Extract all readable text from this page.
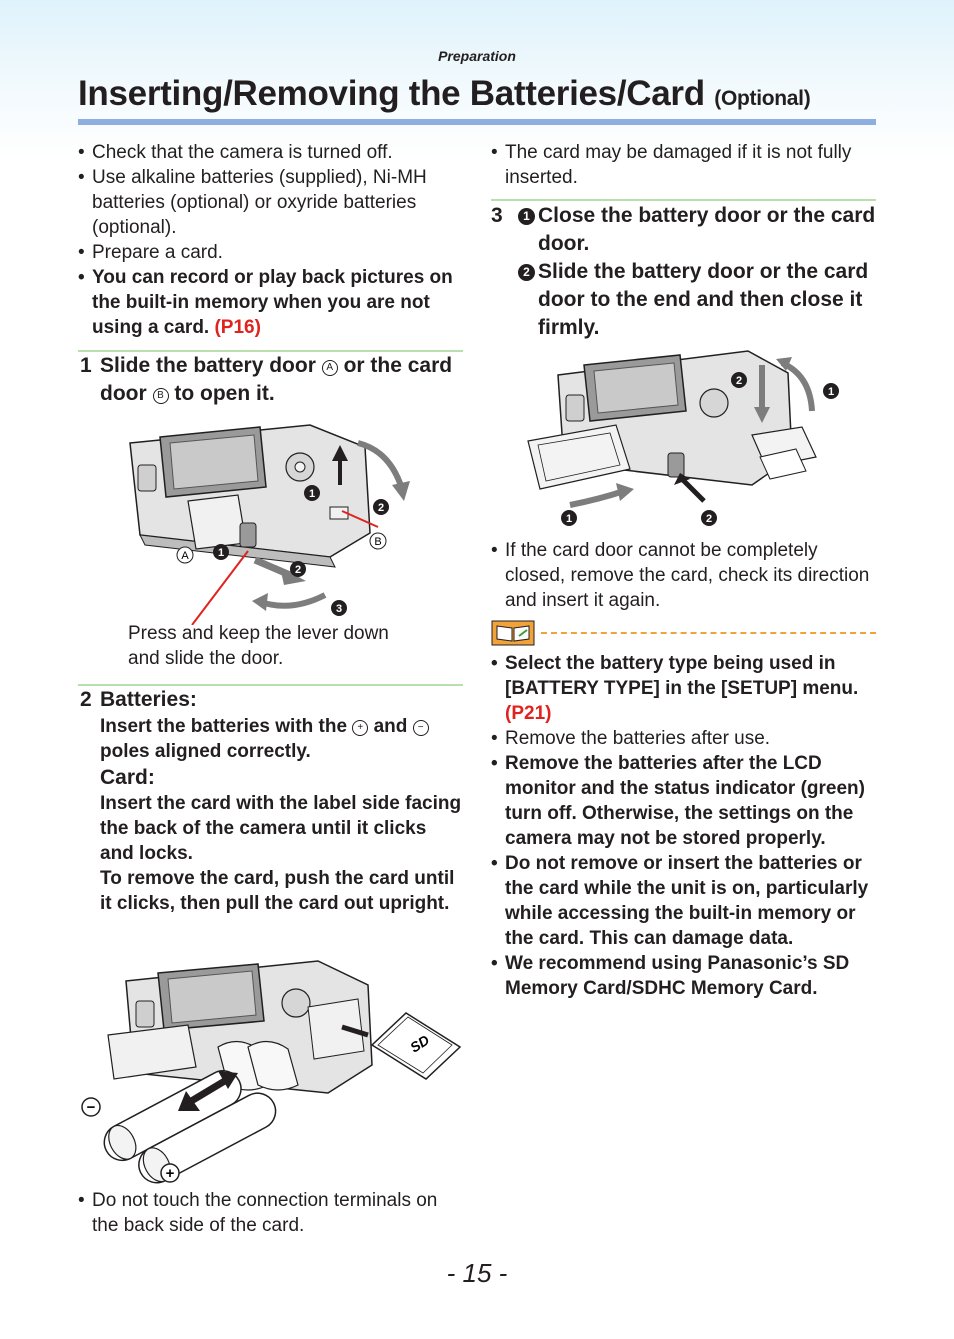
Preparation
Inserting/Removing the Batteries/Card (Optional)
• Check that the camera is turned off.
• Use alkaline batteries (supplied), Ni-MH batteries (optional) or oxyride batteries (optional).
• Prepare a card.
• You can record or play back pictures on the built-in memory when you are not using a card. (P16)
1 Slide the battery door A or the card door B to open it.
A
B
1
2
1
2
3
Press and keep the lever down
and slide the door.
2 Batteries:
Insert the batteries with the + and − poles aligned correctly.
Card:
Insert the card with the label side facing the back of the camera until it clicks and locks.
To remove the card, push the card until it clicks, then pull the card out upright.
SD
−
+
• Do not touch the connection terminals on the back side of the card.
• The card may be damaged if it is not fully inserted.
3	1 Close the battery door or the card door.
2 Slide the battery door or the card door to the end and then close it firmly.
2
1
1	2
• If the card door cannot be completely closed, remove the card, check its direction and insert it again.
• Select the battery type being used in [BATTERY TYPE] in the [SETUP] menu. (P21)
• Remove the batteries after use.
• Remove the batteries after the LCD monitor and the status indicator (green) turn off. Otherwise, the settings on the camera may not be stored properly.
• Do not remove or insert the batteries or the card while the unit is on, particularly while accessing the built-in memory or the card. This can damage data.
• We recommend using Panasonic’s SD Memory Card/SDHC Memory Card.
- 15 -
